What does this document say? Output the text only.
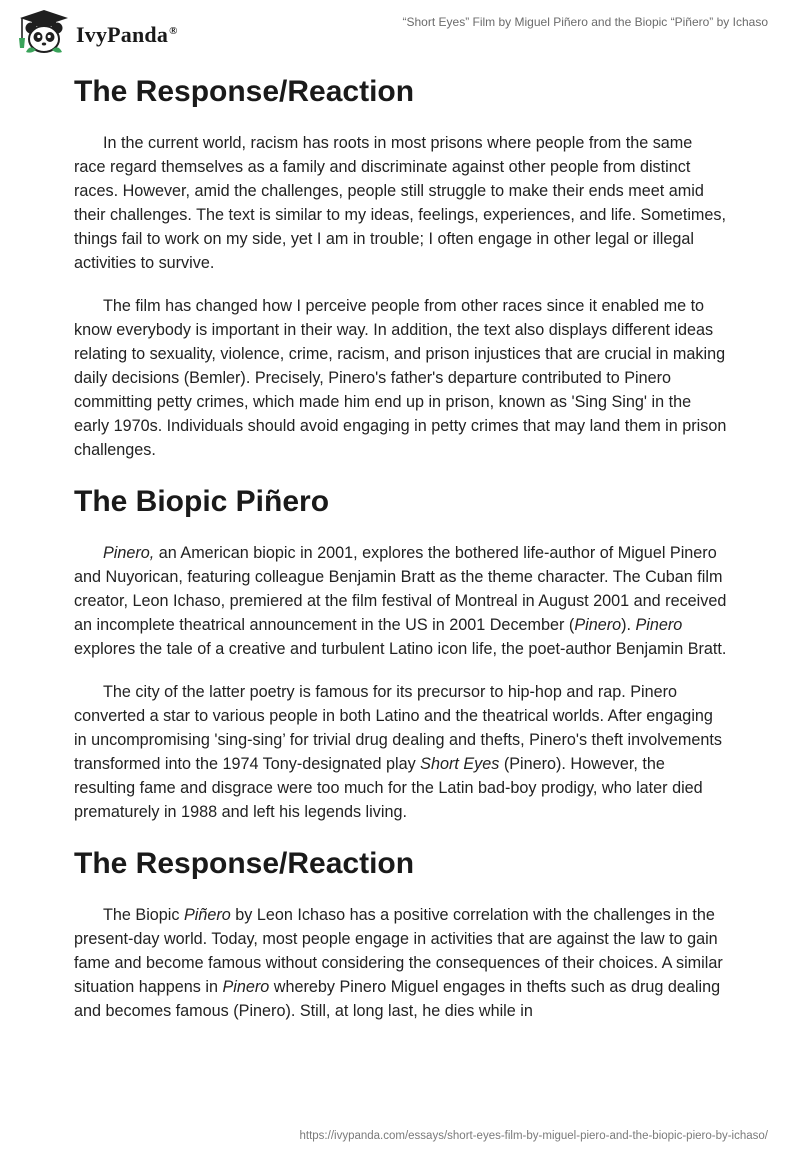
IvyPanda®
“Short Eyes” Film by Miguel Piñero and the Biopic “Piñero” by Ichaso
The Response/Reaction

In the current world, racism has roots in most prisons where people from the same race regard themselves as a family and discriminate against other people from distinct races. However, amid the challenges, people still struggle to make their ends meet amid their challenges. The text is similar to my ideas, feelings, experiences, and life. Sometimes, things fail to work on my side, yet I am in trouble; I often engage in other legal or illegal activities to survive.

The film has changed how I perceive people from other races since it enabled me to know everybody is important in their way. In addition, the text also displays different ideas relating to sexuality, violence, crime, racism, and prison injustices that are crucial in making daily decisions (Bemler). Precisely, Pinero's father's departure contributed to Pinero committing petty crimes, which made him end up in prison, known as 'Sing Sing' in the early 1970s. Individuals should avoid engaging in petty crimes that may land them in prison challenges.

The Biopic Piñero

Pinero, an American biopic in 2001, explores the bothered life-author of Miguel Pinero and Nuyorican, featuring colleague Benjamin Bratt as the theme character. The Cuban film creator, Leon Ichaso, premiered at the film festival of Montreal in August 2001 and received an incomplete theatrical announcement in the US in 2001 December (Pinero). Pinero explores the tale of a creative and turbulent Latino icon life, the poet-author Benjamin Bratt.

The city of the latter poetry is famous for its precursor to hip-hop and rap. Pinero converted a star to various people in both Latino and the theatrical worlds. After engaging in uncompromising 'sing-sing’ for trivial drug dealing and thefts, Pinero's theft involvements transformed into the 1974 Tony-designated play Short Eyes (Pinero). However, the resulting fame and disgrace were too much for the Latin bad-boy prodigy, who later died prematurely in 1988 and left his legends living.

The Response/Reaction

The Biopic Piñero by Leon Ichaso has a positive correlation with the challenges in the present-day world. Today, most people engage in activities that are against the law to gain fame and become famous without considering the consequences of their choices. A similar situation happens in Pinero whereby Pinero Miguel engages in thefts such as drug dealing and becomes famous (Pinero). Still, at long last, he dies while in

https://ivypanda.com/essays/short-eyes-film-by-miguel-piero-and-the-biopic-piero-by-ichaso/
